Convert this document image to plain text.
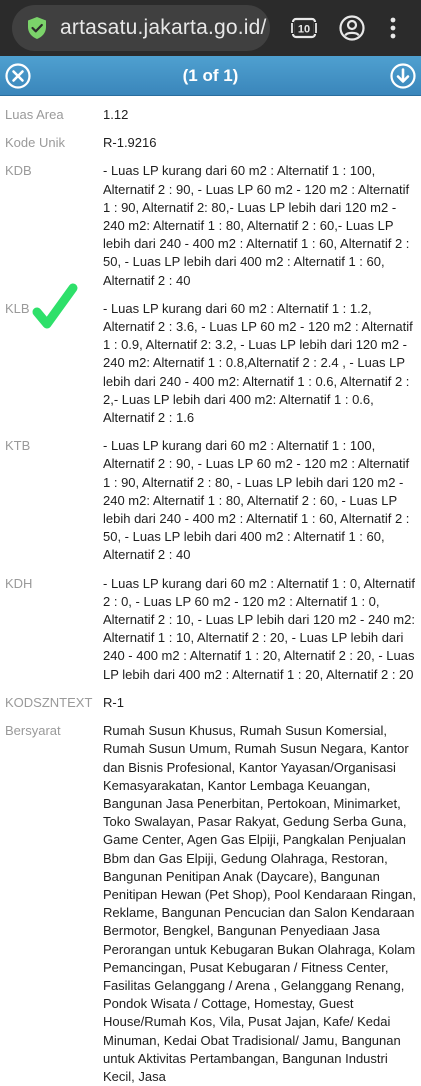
artasatu.jakarta.go.id/	10
(1 of 1)
Luas Area	1.12
Kode Unik	R-1.9216
KDB	- Luas LP kurang dari 60 m2 : Alternatif 1 : 100, Alternatif 2 : 90, - Luas LP 60 m2 - 120 m2 : Alternatif 1 : 90, Alternatif 2: 80,- Luas LP lebih dari 120 m2 - 240 m2: Alternatif 1 : 80, Alternatif 2 : 60,- Luas LP lebih dari 240 - 400 m2 : Alternatif 1 : 60, Alternatif 2 : 50, - Luas LP lebih dari 400 m2 : Alternatif 1 : 60, Alternatif 2 : 40
KLB	- Luas LP kurang dari 60 m2 : Alternatif 1 : 1.2, Alternatif 2 : 3.6, - Luas LP 60 m2 - 120 m2 : Alternatif 1 : 0.9, Alternatif 2: 3.2, - Luas LP lebih dari 120 m2 - 240 m2: Alternatif 1 : 0.8,Alternatif 2 : 2.4 , - Luas LP lebih dari 240 - 400 m2: Alternatif 1 : 0.6, Alternatif 2 : 2,- Luas LP lebih dari 400 m2: Alternatif 1 : 0.6, Alternatif 2 : 1.6
KTB	- Luas LP kurang dari 60 m2 : Alternatif 1 : 100, Alternatif 2 : 90, - Luas LP 60 m2 - 120 m2 : Alternatif 1 : 90, Alternatif 2 : 80, - Luas LP lebih dari 120 m2 - 240 m2: Alternatif 1 : 80, Alternatif 2 : 60, - Luas LP lebih dari 240 - 400 m2 : Alternatif 1 : 60, Alternatif 2 : 50, - Luas LP lebih dari 400 m2 : Alternatif 1 : 60, Alternatif 2 : 40
KDH	- Luas LP kurang dari 60 m2 : Alternatif 1 : 0, Alternatif 2 : 0, - Luas LP 60 m2 - 120 m2 : Alternatif 1 : 0, Alternatif 2 : 10, - Luas LP lebih dari 120 m2 - 240 m2: Alternatif 1 : 10, Alternatif 2 : 20, - Luas LP lebih dari 240 - 400 m2 : Alternatif 1 : 20, Alternatif 2 : 20, - Luas LP lebih dari 400 m2 : Alternatif 1 : 20, Alternatif 2 : 20
KODSZNTEXT R-1
Bersyarat	Rumah Susun Khusus, Rumah Susun Komersial, Rumah Susun Umum, Rumah Susun Negara, Kantor dan Bisnis Profesional, Kantor Yayasan/Organisasi Kemasyarakatan, Kantor Lembaga Keuangan, Bangunan Jasa Penerbitan, Pertokoan, Minimarket, Toko Swalayan, Pasar Rakyat, Gedung Serba Guna, Game Center, Agen Gas Elpiji, Pangkalan Penjualan Bbm dan Gas Elpiji, Gedung Olahraga, Restoran, Bangunan Penitipan Anak (Daycare), Bangunan Penitipan Hewan (Pet Shop), Pool Kendaraan Ringan, Reklame, Bangunan Pencucian dan Salon Kendaraan Bermotor, Bengkel, Bangunan Penyediaan Jasa Perorangan untuk Kebugaran Bukan Olahraga, Kolam Pemancingan, Pusat Kebugaran / Fitness Center, Fasilitas Gelanggang / Arena , Gelanggang Renang, Pondok Wisata / Cottage, Homestay, Guest House/Rumah Kos, Vila, Pusat Jajan, Kafe/ Kedai Minuman, Kedai Obat Tradisional/ Jamu, Bangunan untuk Aktivitas Pertambangan, Bangunan Industri Kecil, Jasa
